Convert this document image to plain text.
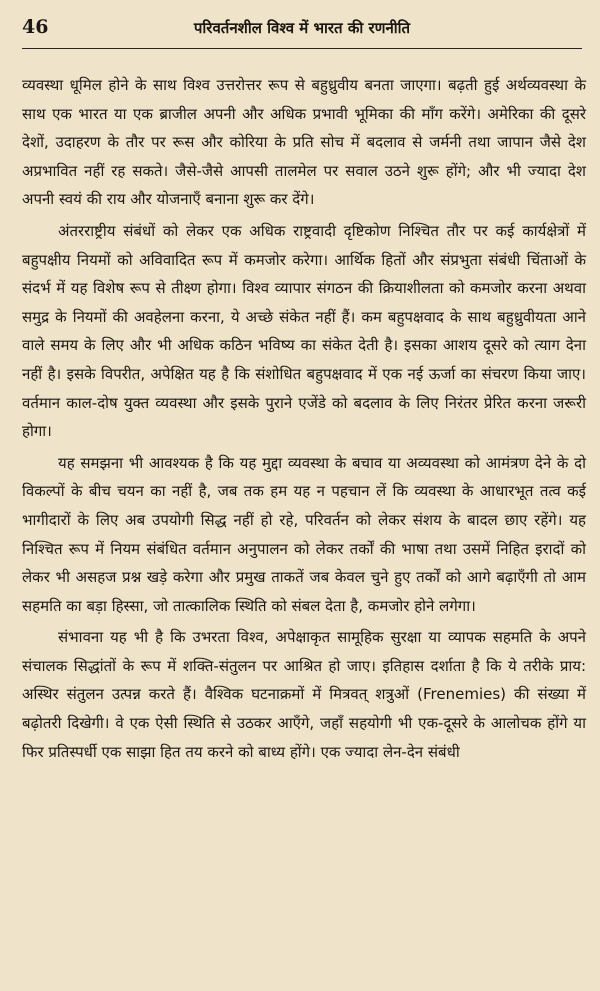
46	परिवर्तनशील विश्व में भारत की रणनीति

व्यवस्था धूमिल होने के साथ विश्व उत्तरोत्तर रूप से बहुध्रुवीय बनता जाएगा। बढ़ती हुई अर्थव्यवस्था के साथ एक भारत या एक ब्राजील अपनी और अधिक प्रभावी भूमिका की माँग करेंगे। अमेरिका की दूसरे देशों, उदाहरण के तौर पर रूस और कोरिया के प्रति सोच में बदलाव से जर्मनी तथा जापान जैसे देश अप्रभावित नहीं रह सकते। जैसे-जैसे आपसी तालमेल पर सवाल उठने शुरू होंगे; और भी ज्यादा देश अपनी स्वयं की राय और योजनाएँ बनाना शुरू कर देंगे।

अंतरराष्ट्रीय संबंधों को लेकर एक अधिक राष्ट्रवादी दृष्टिकोण निश्चित तौर पर कई कार्यक्षेत्रों में बहुपक्षीय नियमों को अविवादित रूप में कमजोर करेगा। आर्थिक हितों और संप्रभुता संबंधी चिंताओं के संदर्भ में यह विशेष रूप से तीक्ष्ण होगा। विश्व व्यापार संगठन की क्रियाशीलता को कमजोर करना अथवा समुद्र के नियमों की अवहेलना करना, ये अच्छे संकेत नहीं हैं। कम बहुपक्षवाद के साथ बहुध्रुवीयता आने वाले समय के लिए और भी अधिक कठिन भविष्य का संकेत देती है। इसका आशय दूसरे को त्याग देना नहीं है। इसके विपरीत, अपेक्षित यह है कि संशोधित बहुपक्षवाद में एक नई ऊर्जा का संचरण किया जाए। वर्तमान काल-दोष युक्त व्यवस्था और इसके पुराने एजेंडे को बदलाव के लिए निरंतर प्रेरित करना जरूरी होगा।

यह समझना भी आवश्यक है कि यह मुद्दा व्यवस्था के बचाव या अव्यवस्था को आमंत्रण देने के दो विकल्पों के बीच चयन का नहीं है, जब तक हम यह न पहचान लें कि व्यवस्था के आधारभूत तत्व कई भागीदारों के लिए अब उपयोगी सिद्ध नहीं हो रहे, परिवर्तन को लेकर संशय के बादल छाए रहेंगे। यह निश्चित रूप में नियम संबंधित वर्तमान अनुपालन को लेकर तर्कों की भाषा तथा उसमें निहित इरादों को लेकर भी असहज प्रश्न खड़े करेगा और प्रमुख ताकतें जब केवल चुने हुए तर्कों को आगे बढ़ाएँगी तो आम सहमति का बड़ा हिस्सा, जो तात्कालिक स्थिति को संबल देता है, कमजोर होने लगेगा।

संभावना यह भी है कि उभरता विश्व, अपेक्षाकृत सामूहिक सुरक्षा या व्यापक सहमति के अपने संचालक सिद्धांतों के रूप में शक्ति-संतुलन पर आश्रित हो जाए। इतिहास दर्शाता है कि ये तरीके प्राय: अस्थिर संतुलन उत्पन्न करते हैं। वैश्विक घटनाक्रमों में मित्रवत् शत्रुओं (Frenemies) की संख्या में बढ़ोतरी दिखेगी। वे एक ऐसी स्थिति से उठकर आएँगे, जहाँ सहयोगी भी एक-दूसरे के आलोचक होंगे या फिर प्रतिस्पर्धी एक साझा हित तय करने को बाध्य होंगे। एक ज्यादा लेन-देन संबंधी
